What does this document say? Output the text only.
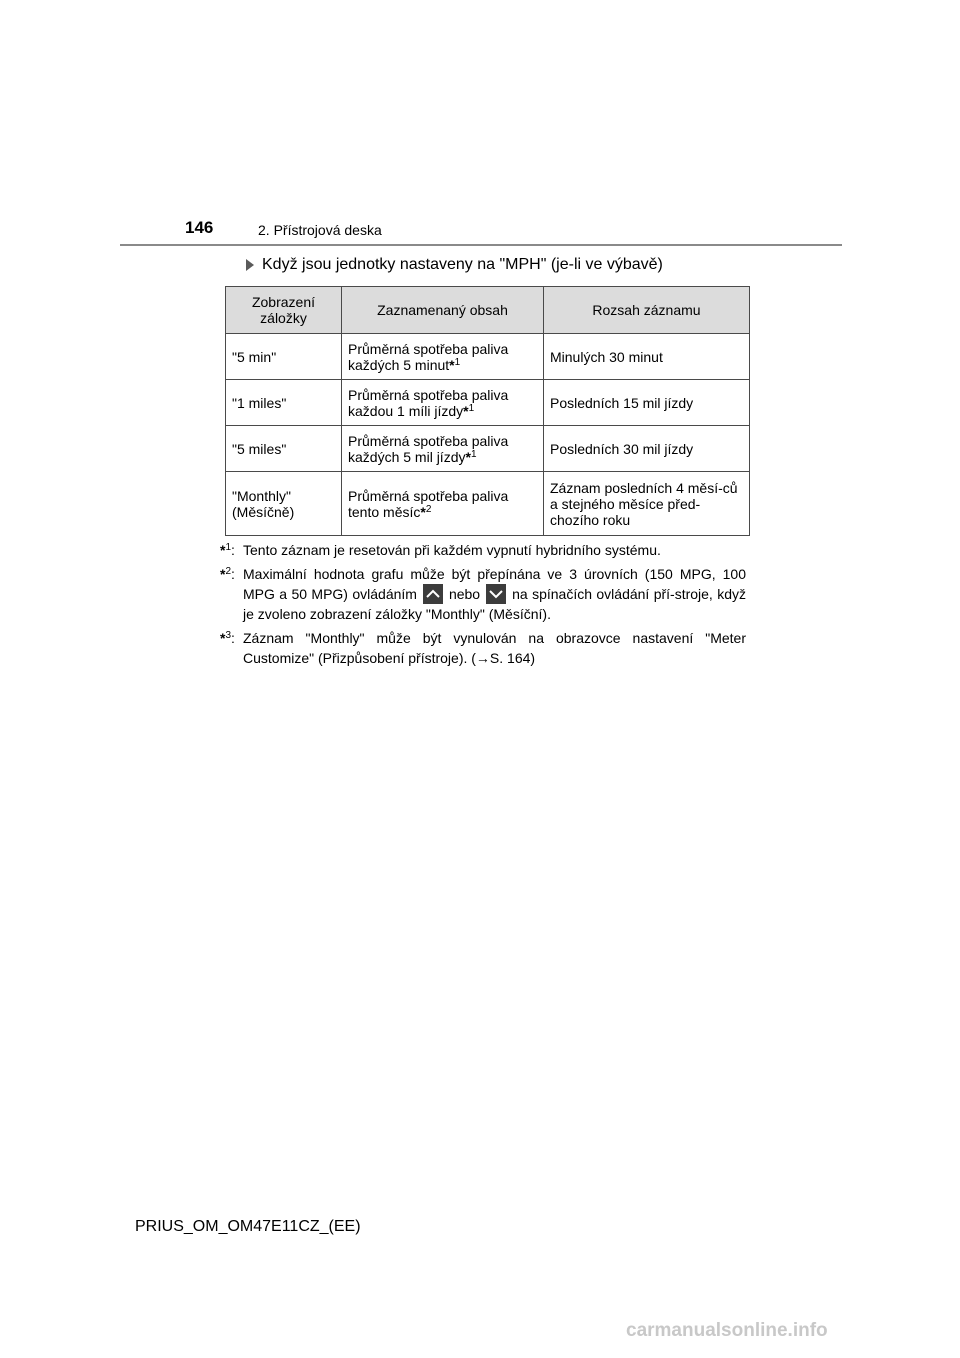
146	2. Přístrojová deska
Když jsou jednotky nastaveny na "MPH" (je-li ve výbavě)
Zobrazení záložky	Zaznamenaný obsah	Rozsah záznamu
"5 min"	Průměrná spotřeba paliva každých 5 minut*$^1$	Minulých 30 minut
"1 miles"	Průměrná spotřeba paliva každou 1 míli jízdy*$^1$	Posledních 15 mil jízdy
"5 miles"	Průměrná spotřeba paliva každých 5 mil jízdy*$^1$	Posledních 30 mil jízdy
"Monthly" (Měsíčně)	Průměrná spotřeba paliva tento měsíc*$^2$	Záznam posledních 4 měsí-ců a stejného měsíce před-chozího roku
*$^1$: Tento záznam je resetován při každém vypnutí hybridního systému.
*$^2$: Maximální hodnota grafu může být přepínána ve 3 úrovních (150 MPG, 100 MPG a 50 MPG) ovládáním nebo na spínačích ovládání pří-stroje, když je zvoleno zobrazení záložky "Monthly" (Měsíční).
*$^3$: Záznam "Monthly" může být vynulován na obrazovce nastavení "Meter Customize" (Přizpůsobení přístroje). (→S. 164)
PRIUS_OM_OM47E11CZ_(EE)
carmanualsonline.info
